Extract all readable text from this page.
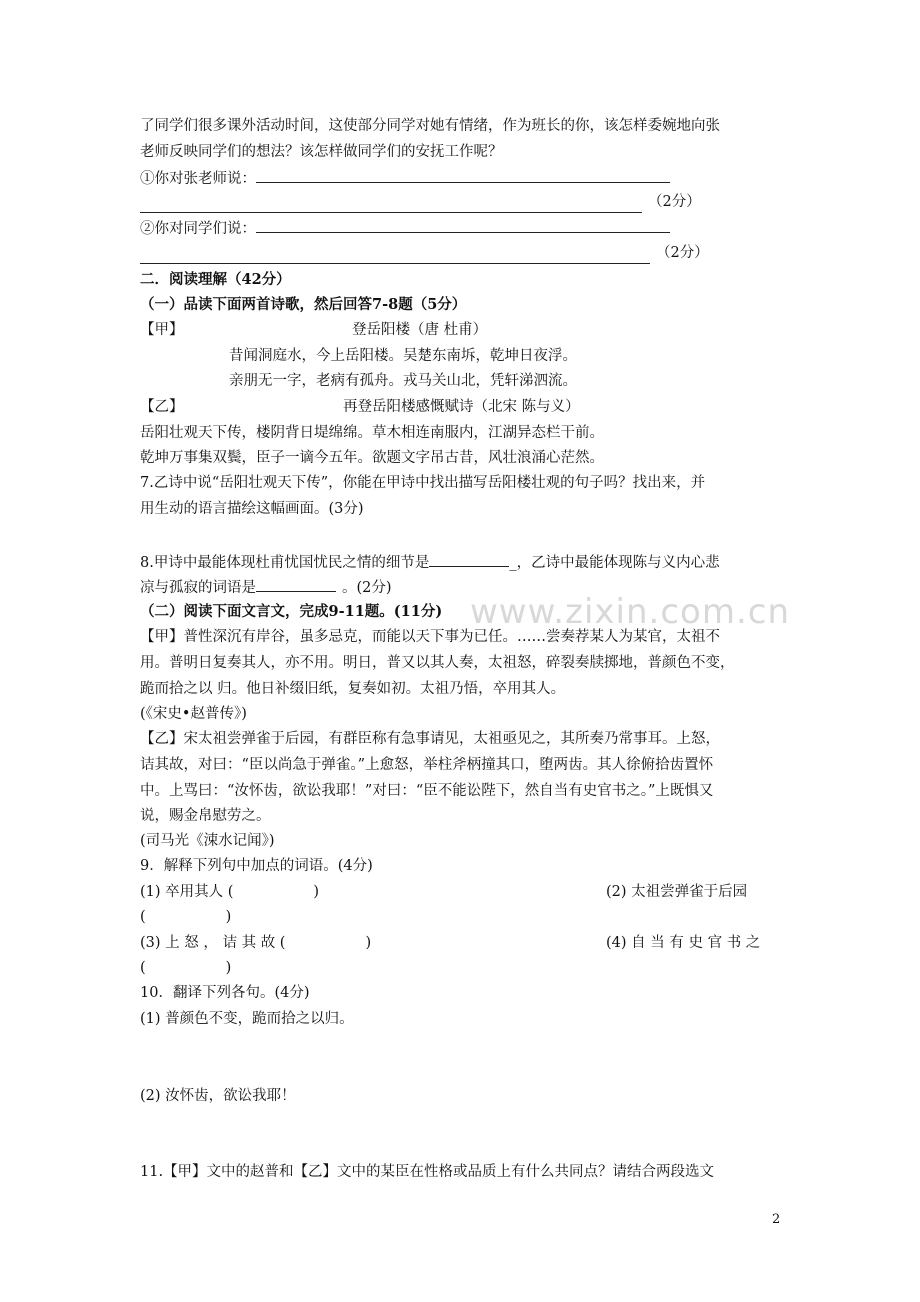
www.zixin.com.cn
了同学们很多课外活动时间，这使部分同学对她有情绪，作为班长的你，该怎样委婉地向张
老师反映同学们的想法？该怎样做同学们的安抚工作呢？
①你对张老师说：
（2分）
②你对同学们说：
（2分）
二．阅读理解（42分）
（一）品读下面两首诗歌，然后回答7-8题（5分）
【甲】	登岳阳楼（唐 杜甫）
昔闻洞庭水，今上岳阳楼。吴楚东南坼，乾坤日夜浮。
亲朋无一字，老病有孤舟。戎马关山北，凭轩涕泗流。
【乙】	再登岳阳楼感慨赋诗（北宋 陈与义）
岳阳壮观天下传，楼阴背日堤绵绵。草木相连南服内，江湖异态栏干前。
乾坤万事集双鬓，臣子一谪今五年。欲题文字吊古昔，风壮浪涌心茫然。
7.乙诗中说“岳阳壮观天下传”，你能在甲诗中找出描写岳阳楼壮观的句子吗？找出来，并
用生动的语言描绘这幅画面。(3分)
8.甲诗中最能体现杜甫忧国忧民之情的细节是	_，乙诗中最能体现陈与义内心悲
凉与孤寂的词语是	。(2分)
（二）阅读下面文言文，完成9-11题。(11分)
【甲】普性深沉有岸谷，虽多忌克，而能以天下事为已任。……尝奏荐某人为某官，太祖不
用。普明日复奏其人，亦不用。明日，普又以其人奏，太祖怒，碎裂奏牍掷地，普颜色不变，
跪而拾之以 归。他日补缀旧纸，复奏如初。太祖乃悟，卒用其人。
(《宋史•赵普传》)
【乙】宋太祖尝弹雀于后园，有群臣称有急事请见，太祖亟见之，其所奏乃常事耳。上怒，
诘其故，对曰：“臣以尚急于弹雀。”上愈怒，举柱斧柄撞其口，堕两齿。其人徐俯拾齿置怀
中。上骂曰：“汝怀齿，欲讼我耶！”对曰：“臣不能讼陛下，然自当有史官书之。”上既惧又
说，赐金帛慰劳之。
(司马光《涑水记闻》)
9．解释下列句中加点的词语。(4分)
(1) 卒用其人 (	)	(2) 太祖尝弹雀于后园
(	)
(3) 上 怒 ， 诘 其 故 (	)	(4) 自 当 有 史 官 书 之
(	)
10．翻译下列各句。(4分)
(1) 普颜色不变，跪而拾之以归。
(2) 汝怀齿，欲讼我耶！
11.【甲】文中的赵普和【乙】文中的某臣在性格或品质上有什么共同点？请结合两段选文
2
